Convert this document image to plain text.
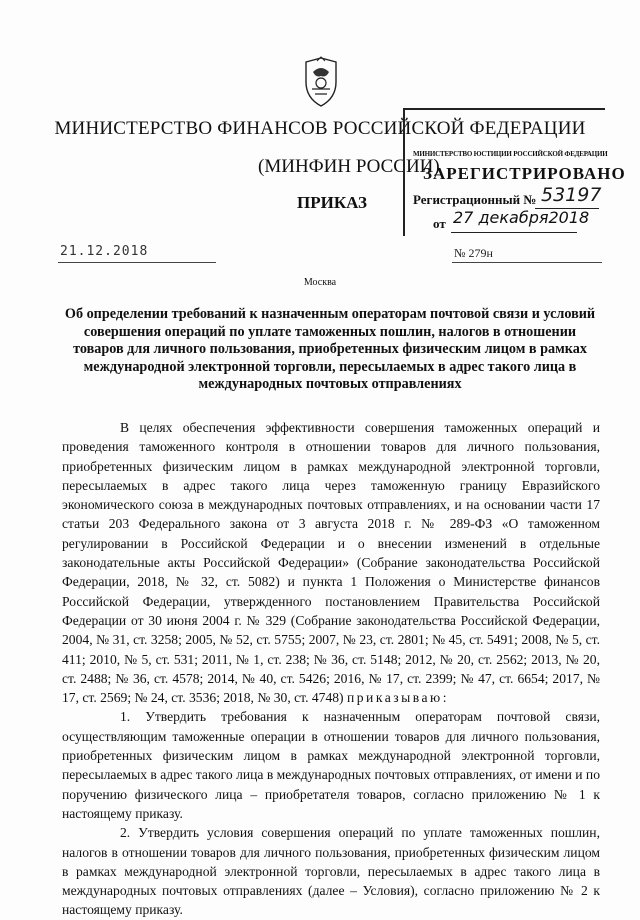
МИНИСТЕРСТВО ФИНАНСОВ РОССИЙСКОЙ ФЕДЕРАЦИИ
(МИНФИН РОССИИ)
ПРИКАЗ
МИНИСТЕРСТВО ЮСТИЦИИ РОССИЙСКОЙ ФЕДЕРАЦИИ
ЗАРЕГИСТРИРОВАНО
Регистрационный № 53197
от 27 декабря2018
21.12.2018	№ 279н
Москва
Об определении требований к назначенным операторам почтовой связи и условий совершения операций по уплате таможенных пошлин, налогов в отношении товаров для личного пользования, приобретенных физическим лицом в рамках международной электронной торговли, пересылаемых в адрес такого лица в международных почтовых отправлениях

В целях обеспечения эффективности совершения таможенных операций и проведения таможенного контроля в отношении товаров для личного пользования, приобретенных физическим лицом в рамках международной электронной торговли, пересылаемых в адрес такого лица через таможенную границу Евразийского экономического союза в международных почтовых отправлениях, и на основании части 17 статьи 203 Федерального закона от 3 августа 2018 г. № 289-ФЗ «О таможенном регулировании в Российской Федерации и о внесении изменений в отдельные законодательные акты Российской Федерации» (Собрание законодательства Российской Федерации, 2018, № 32, ст. 5082) и пункта 1 Положения о Министерстве финансов Российской Федерации, утвержденного постановлением Правительства Российской Федерации от 30 июня 2004 г. № 329 (Собрание законодательства Российской Федерации, 2004, № 31, ст. 3258; 2005, № 52, ст. 5755; 2007, № 23, ст. 2801; № 45, ст. 5491; 2008, № 5, ст. 411; 2010, № 5, ст. 531; 2011, № 1, ст. 238; № 36, ст. 5148; 2012, № 20, ст. 2562; 2013, № 20, ст. 2488; № 36, ст. 4578; 2014, № 40, ст. 5426; 2016, № 17, ст. 2399; № 47, ст. 6654; 2017, № 17, ст. 2569; № 24, ст. 3536; 2018, № 30, ст. 4748) приказываю:

1. Утвердить требования к назначенным операторам почтовой связи, осуществляющим таможенные операции в отношении товаров для личного пользования, приобретенных физическим лицом в рамках международной электронной торговли, пересылаемых в адрес такого лица в международных почтовых отправлениях, от имени и по поручению физического лица – приобретателя товаров, согласно приложению № 1 к настоящему приказу.

2. Утвердить условия совершения операций по уплате таможенных пошлин, налогов в отношении товаров для личного пользования, приобретенных физическим лицом в рамках международной электронной торговли, пересылаемых в адрес такого лица в международных почтовых отправлениях (далее – Условия), согласно приложению № 2 к настоящему приказу.
